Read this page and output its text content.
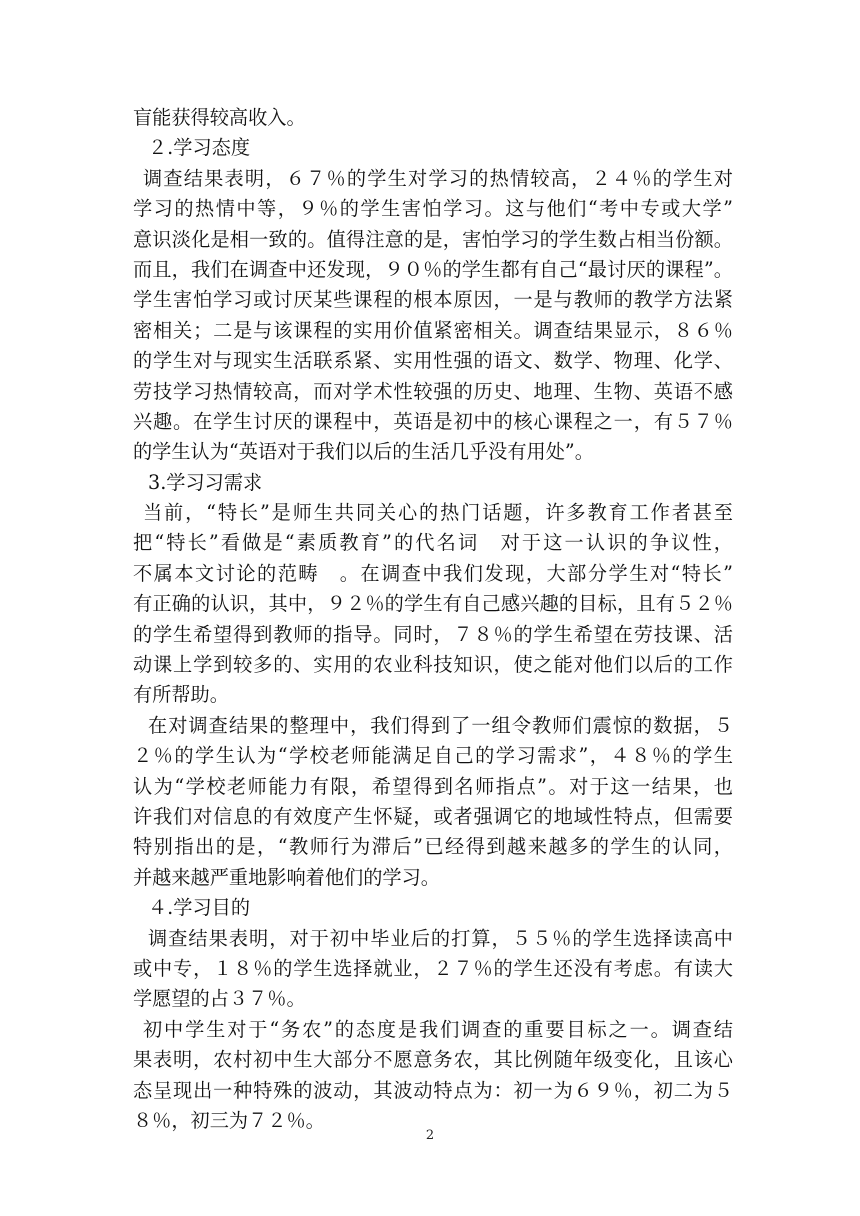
盲能获得较高收入。
２.学习态度
调查结果表明，６７％的学生对学习的热情较高，２４％的学生对
学习的热情中等，９％的学生害怕学习。这与他们“考中专或大学”
意识淡化是相一致的。值得注意的是，害怕学习的学生数占相当份额。
而且，我们在调查中还发现，９０％的学生都有自己“最讨厌的课程”。
学生害怕学习或讨厌某些课程的根本原因，一是与教师的教学方法紧
密相关；二是与该课程的实用价值紧密相关。调查结果显示，８６％
的学生对与现实生活联系紧、实用性强的语文、数学、物理、化学、
劳技学习热情较高，而对学术性较强的历史、地理、生物、英语不感
兴趣。在学生讨厌的课程中，英语是初中的核心课程之一，有５７％
的学生认为“英语对于我们以后的生活几乎没有用处”。
3.学习习需求
当前，“特长”是师生共同关心的热门话题，许多教育工作者甚至
把“特长”看做是“素质教育”的代名词　对于这一认识的争议性，
不属本文讨论的范畴　。在调查中我们发现，大部分学生对“特长”
有正确的认识，其中，９２％的学生有自己感兴趣的目标，且有５２％
的学生希望得到教师的指导。同时，７８％的学生希望在劳技课、活
动课上学到较多的、实用的农业科技知识，使之能对他们以后的工作
有所帮助。
在对调查结果的整理中，我们得到了一组令教师们震惊的数据，５
２％的学生认为“学校老师能满足自己的学习需求”，４８％的学生
认为“学校老师能力有限，希望得到名师指点”。对于这一结果，也
许我们对信息的有效度产生怀疑，或者强调它的地域性特点，但需要
特别指出的是，“教师行为滞后”已经得到越来越多的学生的认同，
并越来越严重地影响着他们的学习。
４.学习目的
调查结果表明，对于初中毕业后的打算，５５％的学生选择读高中
或中专，１８％的学生选择就业，２７％的学生还没有考虑。有读大
学愿望的占３７％。
初中学生对于“务农”的态度是我们调查的重要目标之一。调查结
果表明，农村初中生大部分不愿意务农，其比例随年级变化，且该心
态呈现出一种特殊的波动，其波动特点为：初一为６９％，初二为５
８％，初三为７２％。
2
